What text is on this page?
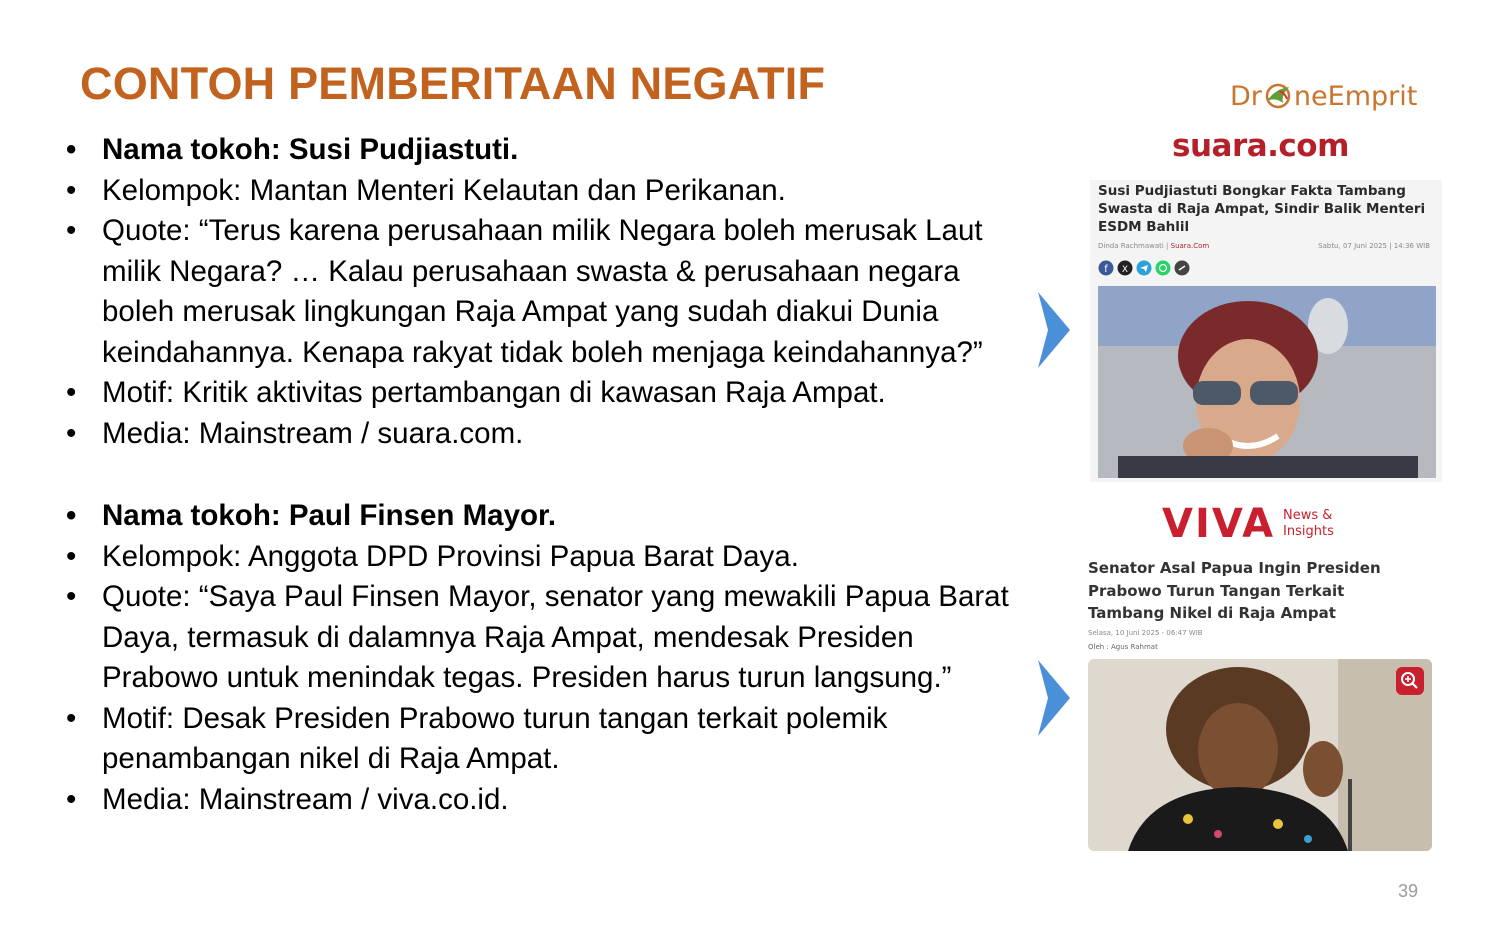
CONTOH PEMBERITAAN NEGATIF	Dr neEmprit
• Nama tokoh: Susi Pudjiastuti.
• Kelompok: Mantan Menteri Kelautan dan Perikanan.
• Quote: “Terus karena perusahaan milik Negara boleh merusak Laut milik Negara? … Kalau perusahaan swasta & perusahaan negara boleh merusak lingkungan Raja Ampat yang sudah diakui Dunia keindahannya. Kenapa rakyat tidak boleh menjaga keindahannya?”
• Motif: Kritik aktivitas pertambangan di kawasan Raja Ampat.
• Media: Mainstream / suara.com.
• Nama tokoh: Paul Finsen Mayor.
• Kelompok: Anggota DPD Provinsi Papua Barat Daya.
• Quote: “Saya Paul Finsen Mayor, senator yang mewakili Papua Barat Daya, termasuk di dalamnya Raja Ampat, mendesak Presiden Prabowo untuk menindak tegas. Presiden harus turun langsung.”
• Motif: Desak Presiden Prabowo turun tangan terkait polemik penambangan nikel di Raja Ampat.
• Media: Mainstream / viva.co.id.
suara.com
Susi Pudjiastuti Bongkar Fakta Tambang Swasta di Raja Ampat, Sindir Balik Menteri ESDM Bahlil
Dinda Rachmawati | Suara.Com	Sabtu, 07 Juni 2025 | 14:36 WIB
f X
VIVA News &
Insights
Senator Asal Papua Ingin Presiden Prabowo Turun Tangan Terkait Tambang Nikel di Raja Ampat
Selasa, 10 Juni 2025 - 06:47 WIB
Oleh : Agus Rahmat
39
